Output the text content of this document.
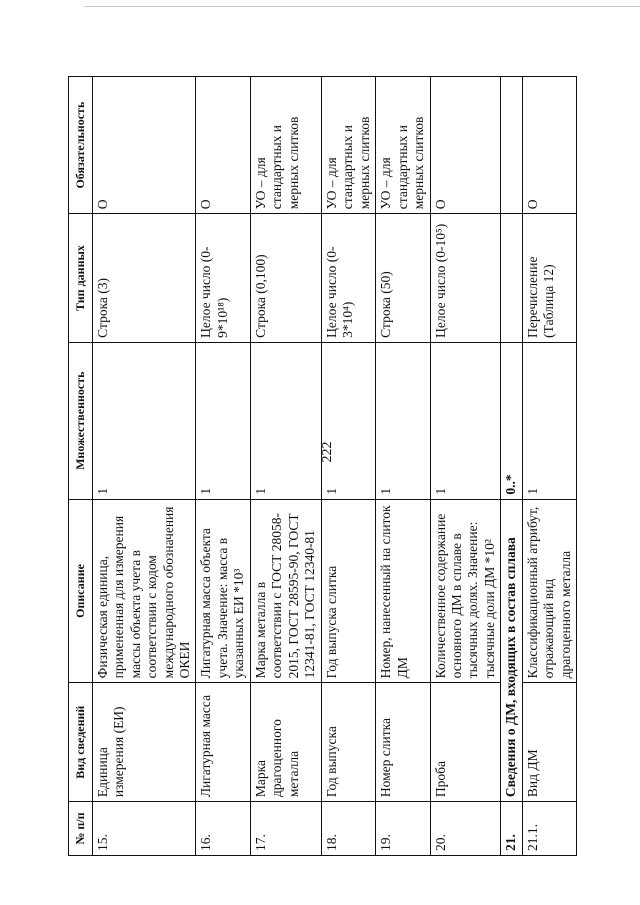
222
№ п/п	Вид сведений	Описание	Множественность	Тип данных	Обязательность
15.	Единица измерения (ЕИ)	Физическая единица, примененная для измерения массы объекта учета в соответствии с кодом международного обозначения ОКЕИ	1	Строка (3)	О
16.	Лигатурная масса	Лигатурная масса объекта учета. Значение: масса в указанных ЕИ *10³	1	Целое число (0-9*10¹⁸)	О
17.	Марка драгоценного металла	Марка металла в соответствии с ГОСТ 28058-2015, ГОСТ 28595-90, ГОСТ 12341-81, ГОСТ 12340-81	1	Строка (0,100)	УО – для стандартных и мерных слитков
18.	Год выпуска	Год выпуска слитка	1	Целое число (0-3*10⁴)	УО – для стандартных и мерных слитков
19.	Номер слитка	Номер, нанесенный на слиток ДМ	1	Строка (50)	УО – для стандартных и мерных слитков
20.	Проба	Количественное содержание основного ДМ в сплаве в тысячных долях. Значение: тысячные доли ДМ *10²	1	Целое число (0-10⁵)	О
21.	Сведения о ДМ, входящих в состав сплава		0..*		
21.1.	Вид ДМ	Классификационный атрибут, отражающий вид драгоценного металла	1	Перечисление (Таблица 12)	О
